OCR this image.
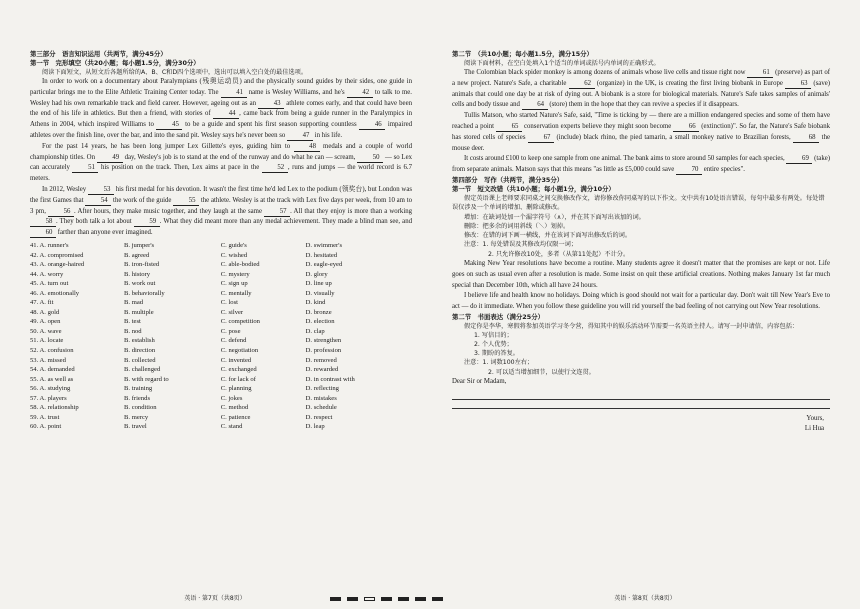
第三部分　语言知识运用（共两节，满分45分）
第一节　完形填空（共20小题；每小题1.5分，满分30分）
阅读下面短文，从短文后各题所给的A、B、C和D四个选项中，选出可以填入空白处的最佳选项。

In order to work on a documentary about Paralympians (残奥运动员) and the physically sound guides by their sides, one guide in particular brings me to the Elite Athletic Training Center today. The 41 name is Wesley Williams, and he's 42 to talk to me. Wesley had his own remarkable track and field career. However, ageing out as an 43 athlete comes early, and that could have been the end of his life in athletics. But then a friend, with stories of 44 , came back from being a guide runner in the Paralympics in Athens in 2004, which inspired Williams to 45 to be a guide and spent his first season supporting countless 46 impaired athletes over the finish line, over the bar, and into the sand pit. Wesley says he's never been so 47 in his life.

For the past 14 years, he has been long jumper Lex Gillette's eyes, guiding him to 48 medals and a couple of world championship titles. On 49 day, Wesley's job is to stand at the end of the runway and do what he can — scream, 50 — so Lex can accurately 51 his position on the track. Then, Lex aims at pace in the 52 , runs and jumps — the world record is 6.7 meters.

In 2012, Wesley 53 his first medal for his devotion. It wasn't the first time he'd led Lex to the podium (领奖台), but London was the first Games that 54 the work of the guide 55 the athlete. Wesley is at the track with Lex five days per week, from 10 am to 3 pm, 56 . After hours, they make music together, and they laugh at the same 57 . All that they enjoy is more than a working 58 . They both talk a lot about 59 . What they did meant more than any medal achievement. They made a blind man see, and 60 farther than anyone ever imagined.

41. A. runner's	B. jumper's	C. guide's	D. swimmer's
42. A. compromised	B. agreed	C. wished	D. hesitated
43. A. orange-haired	B. iron-fisted	C. able-bodied	D. eagle-eyed
44. A. worry	B. history	C. mystery	D. glory
45. A. turn out	B. work out	C. sign up	D. line up
46. A. emotionally	B. behaviorally	C. mentally	D. visually
47. A. fit	B. mad	C. lost	D. kind
48. A. gold	B. multiple	C. silver	D. bronze
49. A. open	B. test	C. competition	D. election
50. A. wave	B. nod	C. pose	D. clap
51. A. locate	B. establish	C. defend	D. strengthen
52. A. confusion	B. direction	C. negotiation	D. profession
53. A. missed	B. collected	C. invented	D. removed
54. A. demanded	B. challenged	C. exchanged	D. rewarded
55. A. as well as	B. with regard to	C. for lack of	D. in contrast with
56. A. studying	B. training	C. planning	D. reflecting
57. A. players	B. friends	C. jokes	D. mistakes
58. A. relationship	B. condition	C. method	D. schedule
59. A. trust	B. mercy	C. patience	D. respect
60. A. point	B. travel	C. stand	D. leap
英语 · 第7页（共8页）
第二节　（共10小题；每小题1.5分，满分15分）
阅读下面材料，在空白处填入1个适当的单词或括号内单词的正确形式。

The Colombian black spider monkey is among dozens of animals whose live cells and tissue right now 61 (preserve) as part of a new project. Nature's Safe, a charitable 62 (organize) in the UK, is creating the first living biobank in Europe 63 (save) animals that could one day be at risk of dying out. A biobank is a store for biological materials. Nature's Safe takes samples of animals' cells and body tissue and 64 (store) them in the hope that they can revive a species if it disappears.

Tullis Matson, who started Nature's Safe, said, "Time is ticking by — there are a million endangered species and some of them have reached a point 65 conservation experts believe they might soon become 66 (extinction)". So far, the Nature's Safe biobank has stored cells of species 67 (include) black rhino, the pied tamarin, a small monkey native to Brazilian forests, 68 the mouse deer.

It costs around £100 to keep one sample from one animal. The bank aims to store around 50 samples for each species, 69 (take) from separate animals. Matson says that this means "as little as £5,000 could save 70 entire species".

第四部分　写作（共两节，满分35分）
第一节　短文改错（共10小题；每小题1分，满分10分）
假定英语课上老师要求同桌之间交换修改作文，请你修改你同桌写的以下作文。文中共有10处语言错误，每句中最多有两处。每处错误仅涉及一个单词的增加、删除或修改。
增加：在缺词处加一个漏字符号（∧），并在其下面写出该加的词。
删除：把多余的词用斜线（＼）划掉。
修改：在错的词下画一横线，并在该词下面写出修改后的词。
注意：1. 每处错误及其修改均仅限一词；
2. 只允许修改10处，多者（从第11处起）不计分。

Making New Year resolutions have become a routine. Many students agree it doesn't matter that the promises are kept or not. Life goes on such as usual even after a resolution is made. Some insist on quit these artificial creations. Nothing makes January 1st far much special than December 10th, which all have 24 hours.

I believe life and health know no holidays. Doing which is good should not wait for a particular day. Don't wait till New Year's Eve to act — do it immediate. When you follow these guideline you will rid yourself the bad feeling of not carrying out New Year resolutions.

第二节　书面表达（满分25分）
假定你是李华，寒假将参加英语学习冬令营，得知其中的娱乐活动环节需要一名英语主持人。请写一封申请信，内容包括：
1. 写信目的；
2. 个人优势；
3. 期盼的答复。
注意：1. 词数100左右；
2. 可以适当增加细节，以使行文连贯。
Dear Sir or Madam,
Yours,
Li Hua
英语 · 第8页（共8页）
